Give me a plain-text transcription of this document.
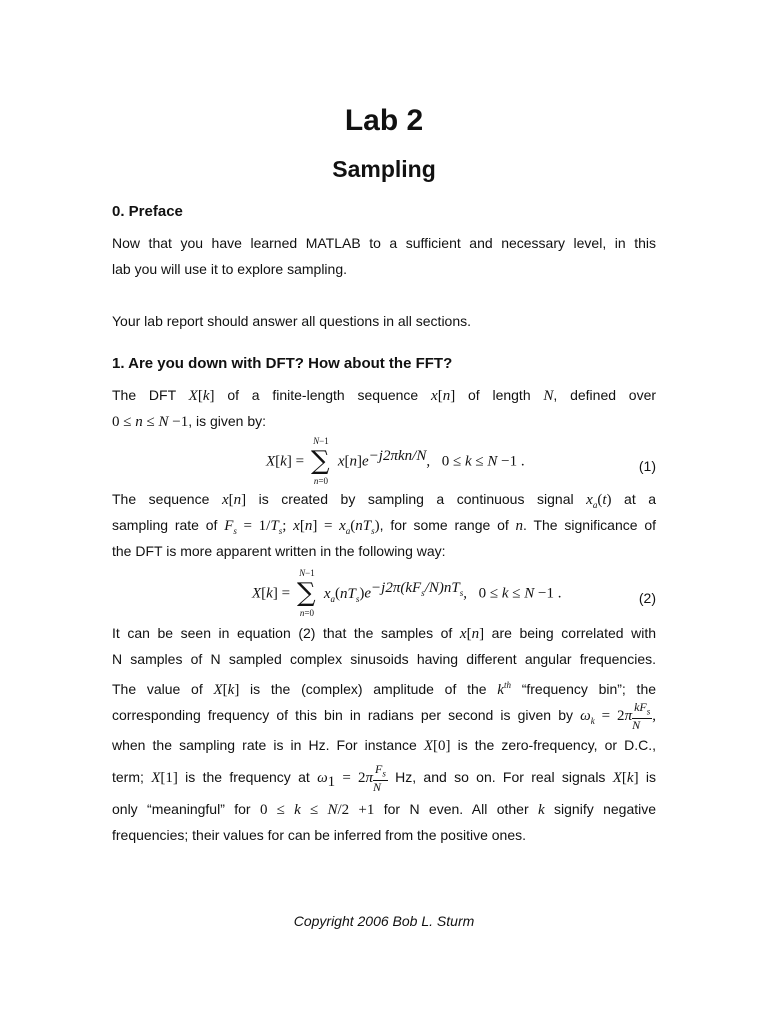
Lab 2
Sampling
0. Preface
Now that you have learned MATLAB to a sufficient and necessary level, in this
lab you will use it to explore sampling.
Your lab report should answer all questions in all sections.
1. Are you down with DFT? How about the FFT?
The DFT X[k] of a finite-length sequence x[n] of length N, defined over
0 ≤ n ≤ N −1, is given by:
X[k] =
N−1
∑
n=0
$x[n]e^{-j2\pi kn/N}$, 0 ≤ k ≤ N −1 .	(1)
The sequence x[n] is created by sampling a continuous signal $x_a(t)$ at a
sampling rate of $F_s = 1/T_s$; $x[n] = x_a(nT_s)$, for some range of n. The significance of
the DFT is more apparent written in the following way:
X[k] =
N−1
∑
n=0
$x_a(nT_s)e^{-j2\pi(kF_s/N)nT_s}$, 0 ≤ k ≤ N −1 .	(2)
It can be seen in equation (2) that the samples of x[n] are being correlated with
N samples of N sampled complex sinusoids having different angular frequencies.
The value of X[k] is the (complex) amplitude of the $k^{th}$ “frequency bin”; the
corresponding frequency of this bin in radians per second is given by $\omega_k = 2\pi \frac{kF_s}{N}$ ,
when the sampling rate is in Hz. For instance X[0] is the zero-frequency, or D.C.,
term; X[1] is the frequency at $\omega_1 = 2\pi \frac{F_s}{N} Hz$, and so on. For real signals X[k] is
only “meaningful” for 0 ≤ k ≤ N/2 +1 for N even. All other k signify negative
frequencies; their values for can be inferred from the positive ones.
Copyright 2006 Bob L. Sturm
